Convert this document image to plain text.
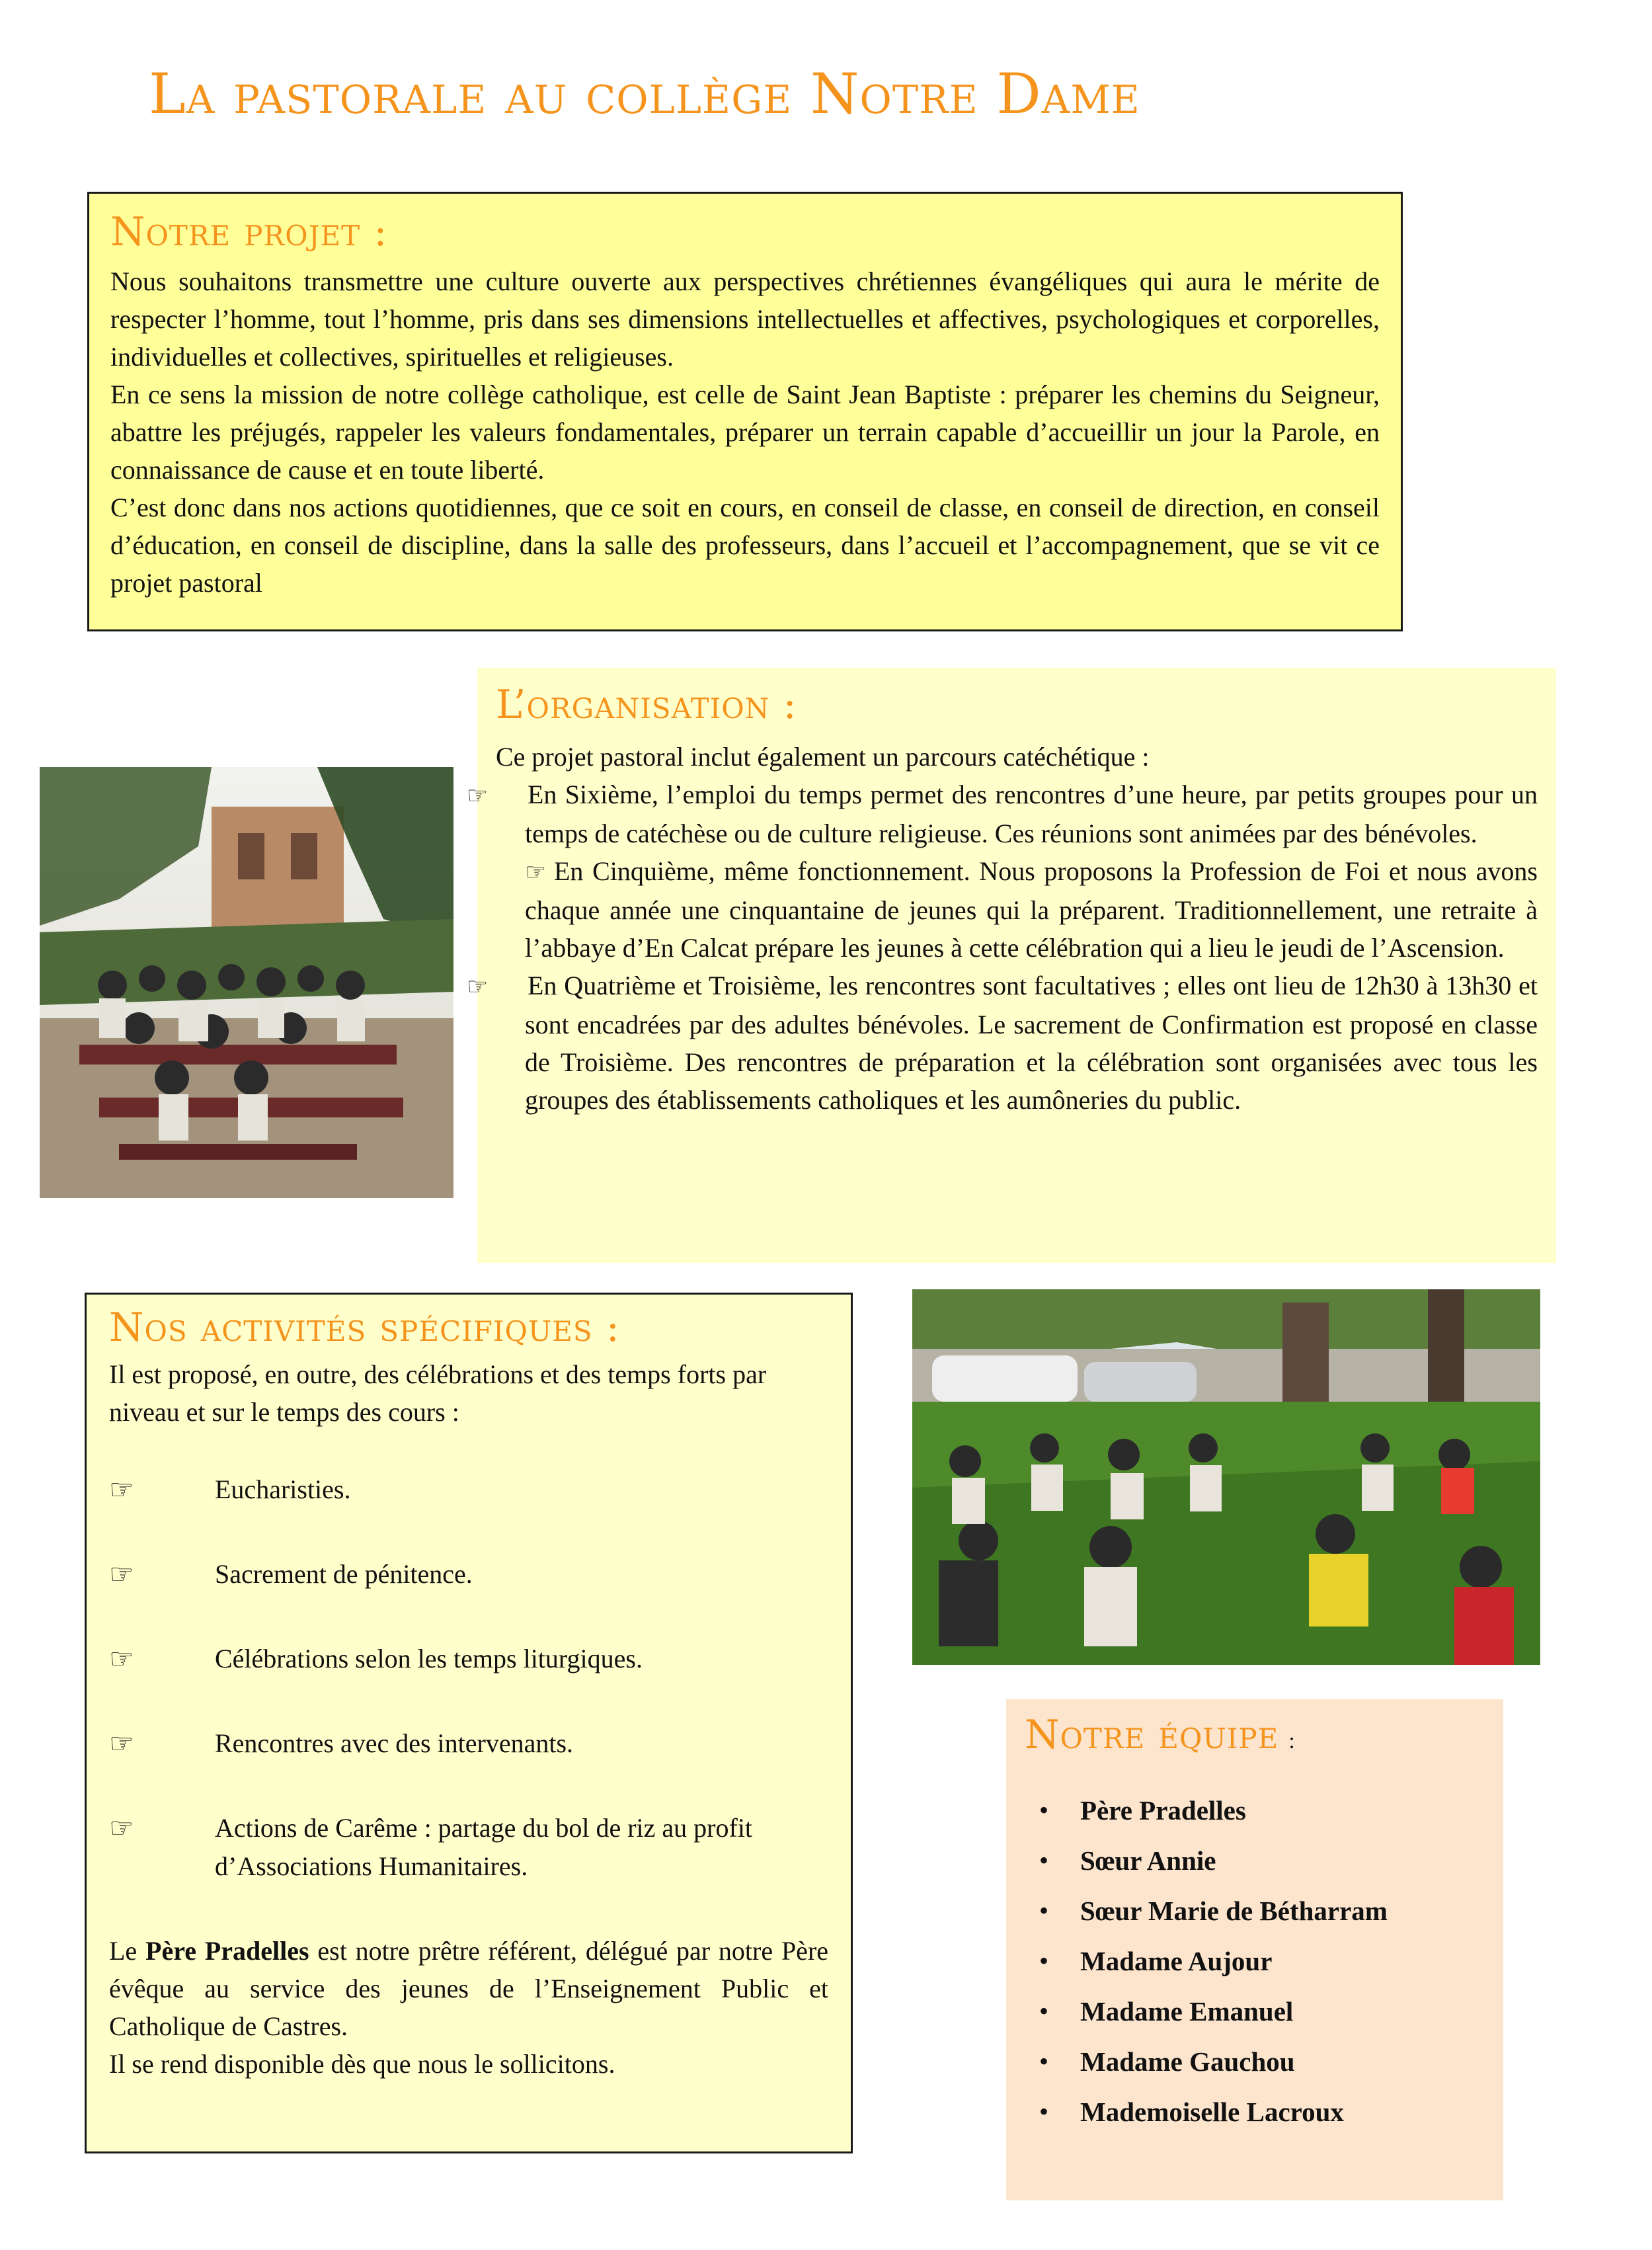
La pastorale au collège Notre Dame
Notre projet :

Nous souhaitons transmettre une culture ouverte aux perspectives chrétiennes évangéliques qui aura le mérite de respecter l’homme, tout l’homme, pris dans ses dimensions intellectuelles et affectives, psychologiques et corporelles, individuelles et collectives, spirituelles et religieuses.

En ce sens la mission de notre collège catholique, est celle de Saint Jean Baptiste : préparer les chemins du Seigneur, abattre les préjugés, rappeler les valeurs fondamentales, préparer un terrain capable d’accueillir un jour la Parole, en connaissance de cause et en toute liberté.

C’est donc dans nos actions quotidiennes, que ce soit en cours, en conseil de classe, en conseil de direction, en conseil d’éducation, en conseil de discipline, dans la salle des professeurs, dans l’accueil et l’accompagnement, que se vit ce projet pastoral

L’organisation :

Ce projet pastoral inclut également un parcours catéchétique :

☞ En Sixième, l’emploi du temps permet des rencontres d’une heure, par petits groupes pour un temps de catéchèse ou de culture religieuse. Ces réunions sont animées par des bénévoles.

☞ En Cinquième, même fonctionnement. Nous proposons la Profession de Foi et nous avons chaque année une cinquantaine de jeunes qui la préparent. Traditionnellement, une retraite à l’abbaye d’En Calcat prépare les jeunes à cette célébration qui a lieu le jeudi de l’Ascension.

☞ En Quatrième et Troisième, les rencontres sont facultatives ; elles ont lieu de 12h30 à 13h30 et sont encadrées par des adultes bénévoles. Le sacrement de Confirmation est proposé en classe de Troisième. Des rencontres de préparation et la célébration sont organisées avec tous les groupes des établissements catholiques et les aumôneries du public.

Nos activités spécifiques :
Il est proposé, en outre, des célébrations et des temps forts par niveau et sur le temps des cours :
☞	Eucharisties.
☞	Sacrement de pénitence.
☞	Célébrations selon les temps liturgiques.
☞	Rencontres avec des intervenants.
☞	Actions de Carême : partage du bol de riz au profit d’Associations Humanitaires.

Le Père Pradelles est notre prêtre référent, délégué par notre Père évêque au service des jeunes de l’Enseignement Public et Catholique de Castres.

Il se rend disponible dès que nous le sollicitons.

Notre équipe :
• Père Pradelles
• Sœur Annie
• Sœur Marie de Bétharram
• Madame Aujour
• Madame Emanuel
• Madame Gauchou
• Mademoiselle Lacroux
